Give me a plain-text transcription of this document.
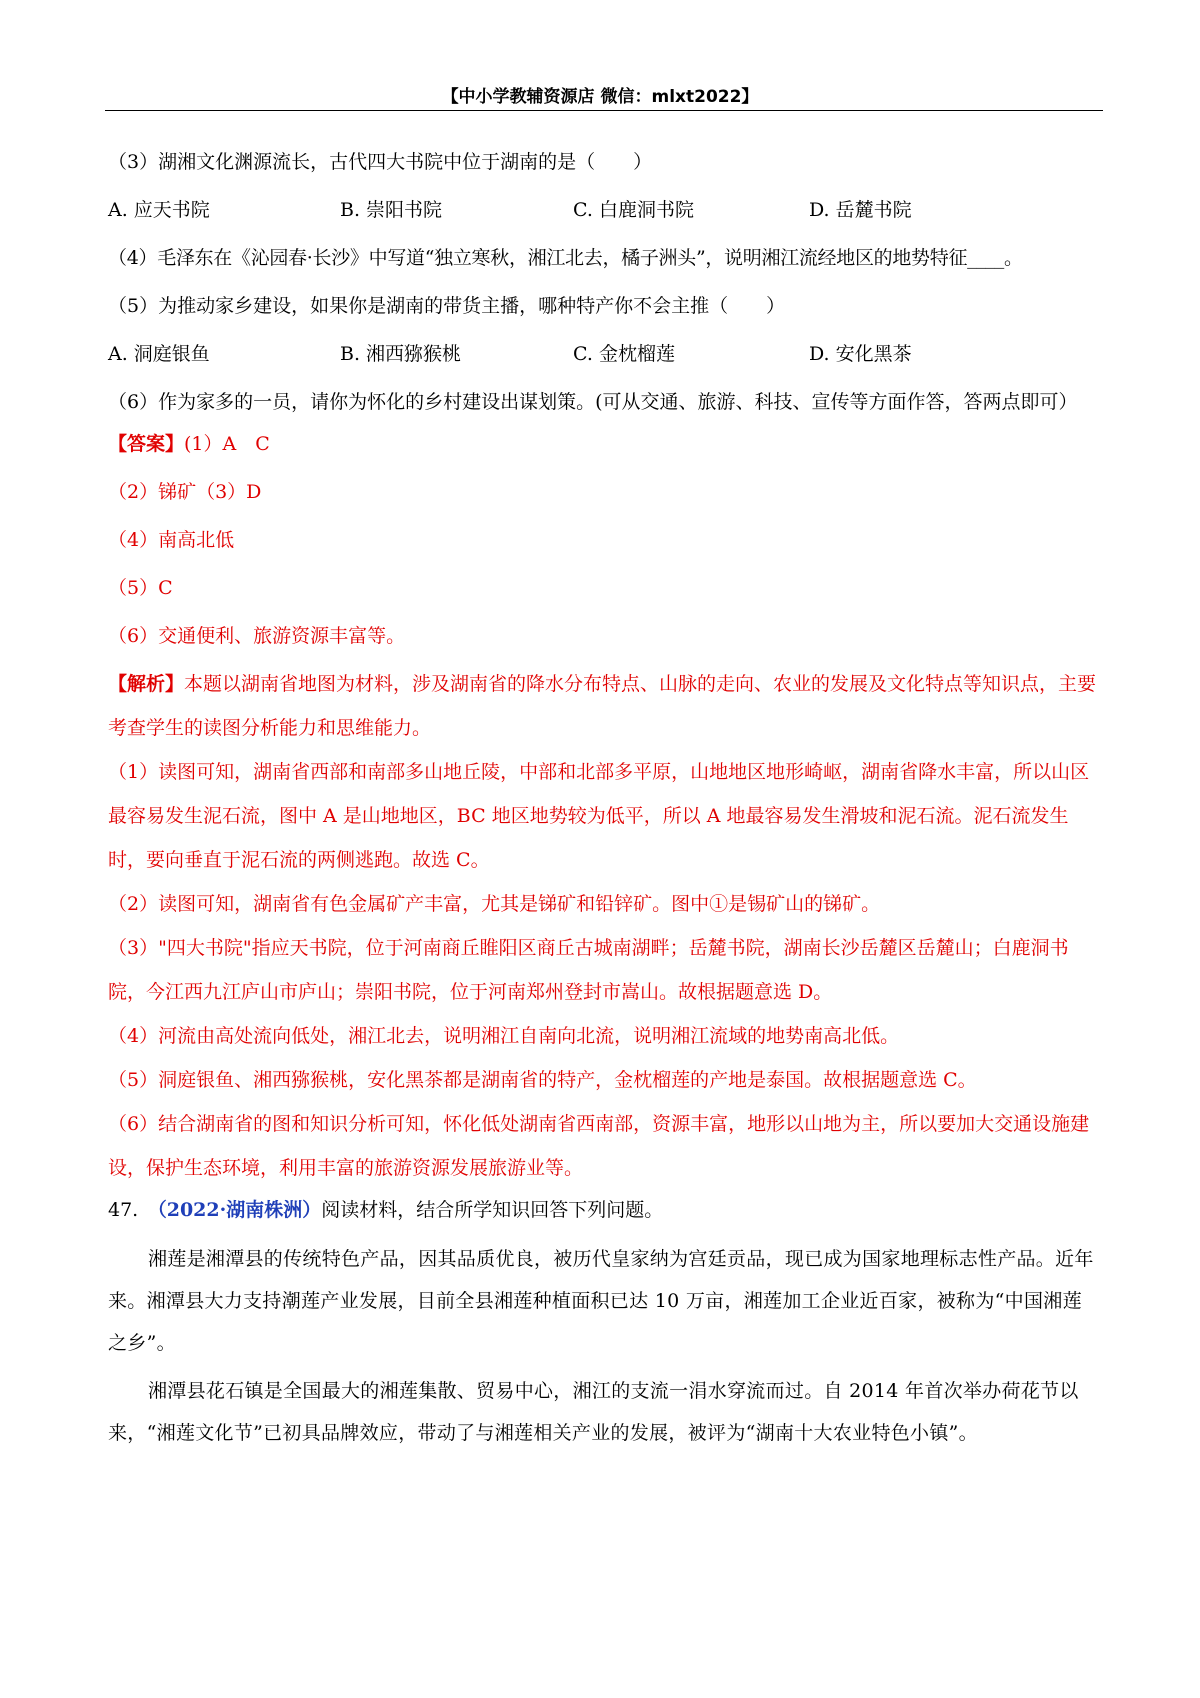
【中小学教辅资源店 微信：mlxt2022】
（3）湖湘文化渊源流长，古代四大书院中位于湖南的是（　　）
A. 应天书院	B. 崇阳书院	C. 白鹿洞书院	D. 岳麓书院
（4）毛泽东在《沁园春·长沙》中写道“独立寒秋，湘江北去，橘子洲头”，说明湘江流经地区的地势特征____。
（5）为推动家乡建设，如果你是湖南的带货主播，哪种特产你不会主推（　　）
A. 洞庭银鱼	B. 湘西猕猴桃	C. 金枕榴莲	D. 安化黑茶
（6）作为家多的一员，请你为怀化的乡村建设出谋划策。(可从交通、旅游、科技、宣传等方面作答，答两点即可）
【答案】(1）A　C
（2）锑矿（3）D
（4）南高北低
（5）C
（6）交通便利、旅游资源丰富等。
【解析】本题以湖南省地图为材料，涉及湖南省的降水分布特点、山脉的走向、农业的发展及文化特点等知识点，主要考查学生的读图分析能力和思维能力。
（1）读图可知，湖南省西部和南部多山地丘陵，中部和北部多平原，山地地区地形崎岖，湖南省降水丰富，所以山区最容易发生泥石流，图中 A 是山地地区，BC 地区地势较为低平，所以 A 地最容易发生滑坡和泥石流。泥石流发生时，要向垂直于泥石流的两侧逃跑。故选 C。
（2）读图可知，湖南省有色金属矿产丰富，尤其是锑矿和铅锌矿。图中①是锡矿山的锑矿。
（3）"四大书院"指应天书院，位于河南商丘睢阳区商丘古城南湖畔；岳麓书院，湖南长沙岳麓区岳麓山；白鹿洞书院，今江西九江庐山市庐山；崇阳书院，位于河南郑州登封市嵩山。故根据题意选 D。
（4）河流由高处流向低处，湘江北去，说明湘江自南向北流，说明湘江流域的地势南高北低。
（5）洞庭银鱼、湘西猕猴桃，安化黑茶都是湖南省的特产，金枕榴莲的产地是泰国。故根据题意选 C。
（6）结合湖南省的图和知识分析可知，怀化低处湖南省西南部，资源丰富，地形以山地为主，所以要加大交通设施建设，保护生态环境，利用丰富的旅游资源发展旅游业等。
47.　（2022·湖南株洲）阅读材料，结合所学知识回答下列问题。
湘莲是湘潭县的传统特色产品，因其品质优良，被历代皇家纳为宫廷贡品，现已成为国家地理标志性产品。近年来。湘潭县大力支持潮莲产业发展，目前全县湘莲种植面积已达 10 万亩，湘莲加工企业近百家，被称为“中国湘莲之乡”。
湘潭县花石镇是全国最大的湘莲集散、贸易中心，湘江的支流一涓水穿流而过。自 2014 年首次举办荷花节以来，“湘莲文化节”已初具品牌效应，带动了与湘莲相关产业的发展，被评为“湖南十大农业特色小镇”。
